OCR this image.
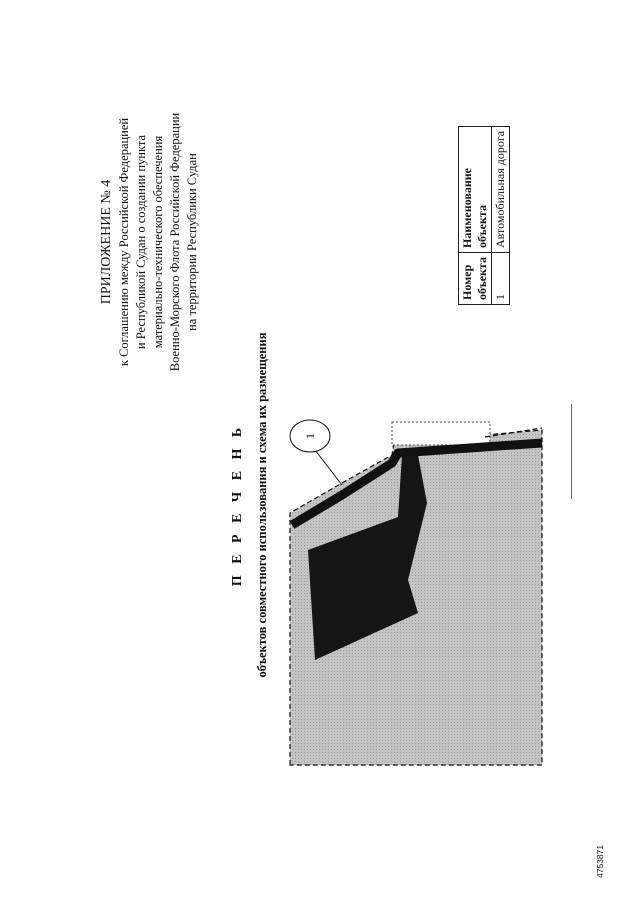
ПРИЛОЖЕНИЕ № 4 к Соглашению между Российской Федерацией и Республикой Судан о создании пункта материально-технического обеспечения Военно-Морского Флота Российской Федерации на территории Республики Судан
П Е Р Е Ч Е Н Ь объектов совместного использования и схема их размещения
Номер объекта	Наименование объекта

1	Автомобильная дорога
1
4753871
